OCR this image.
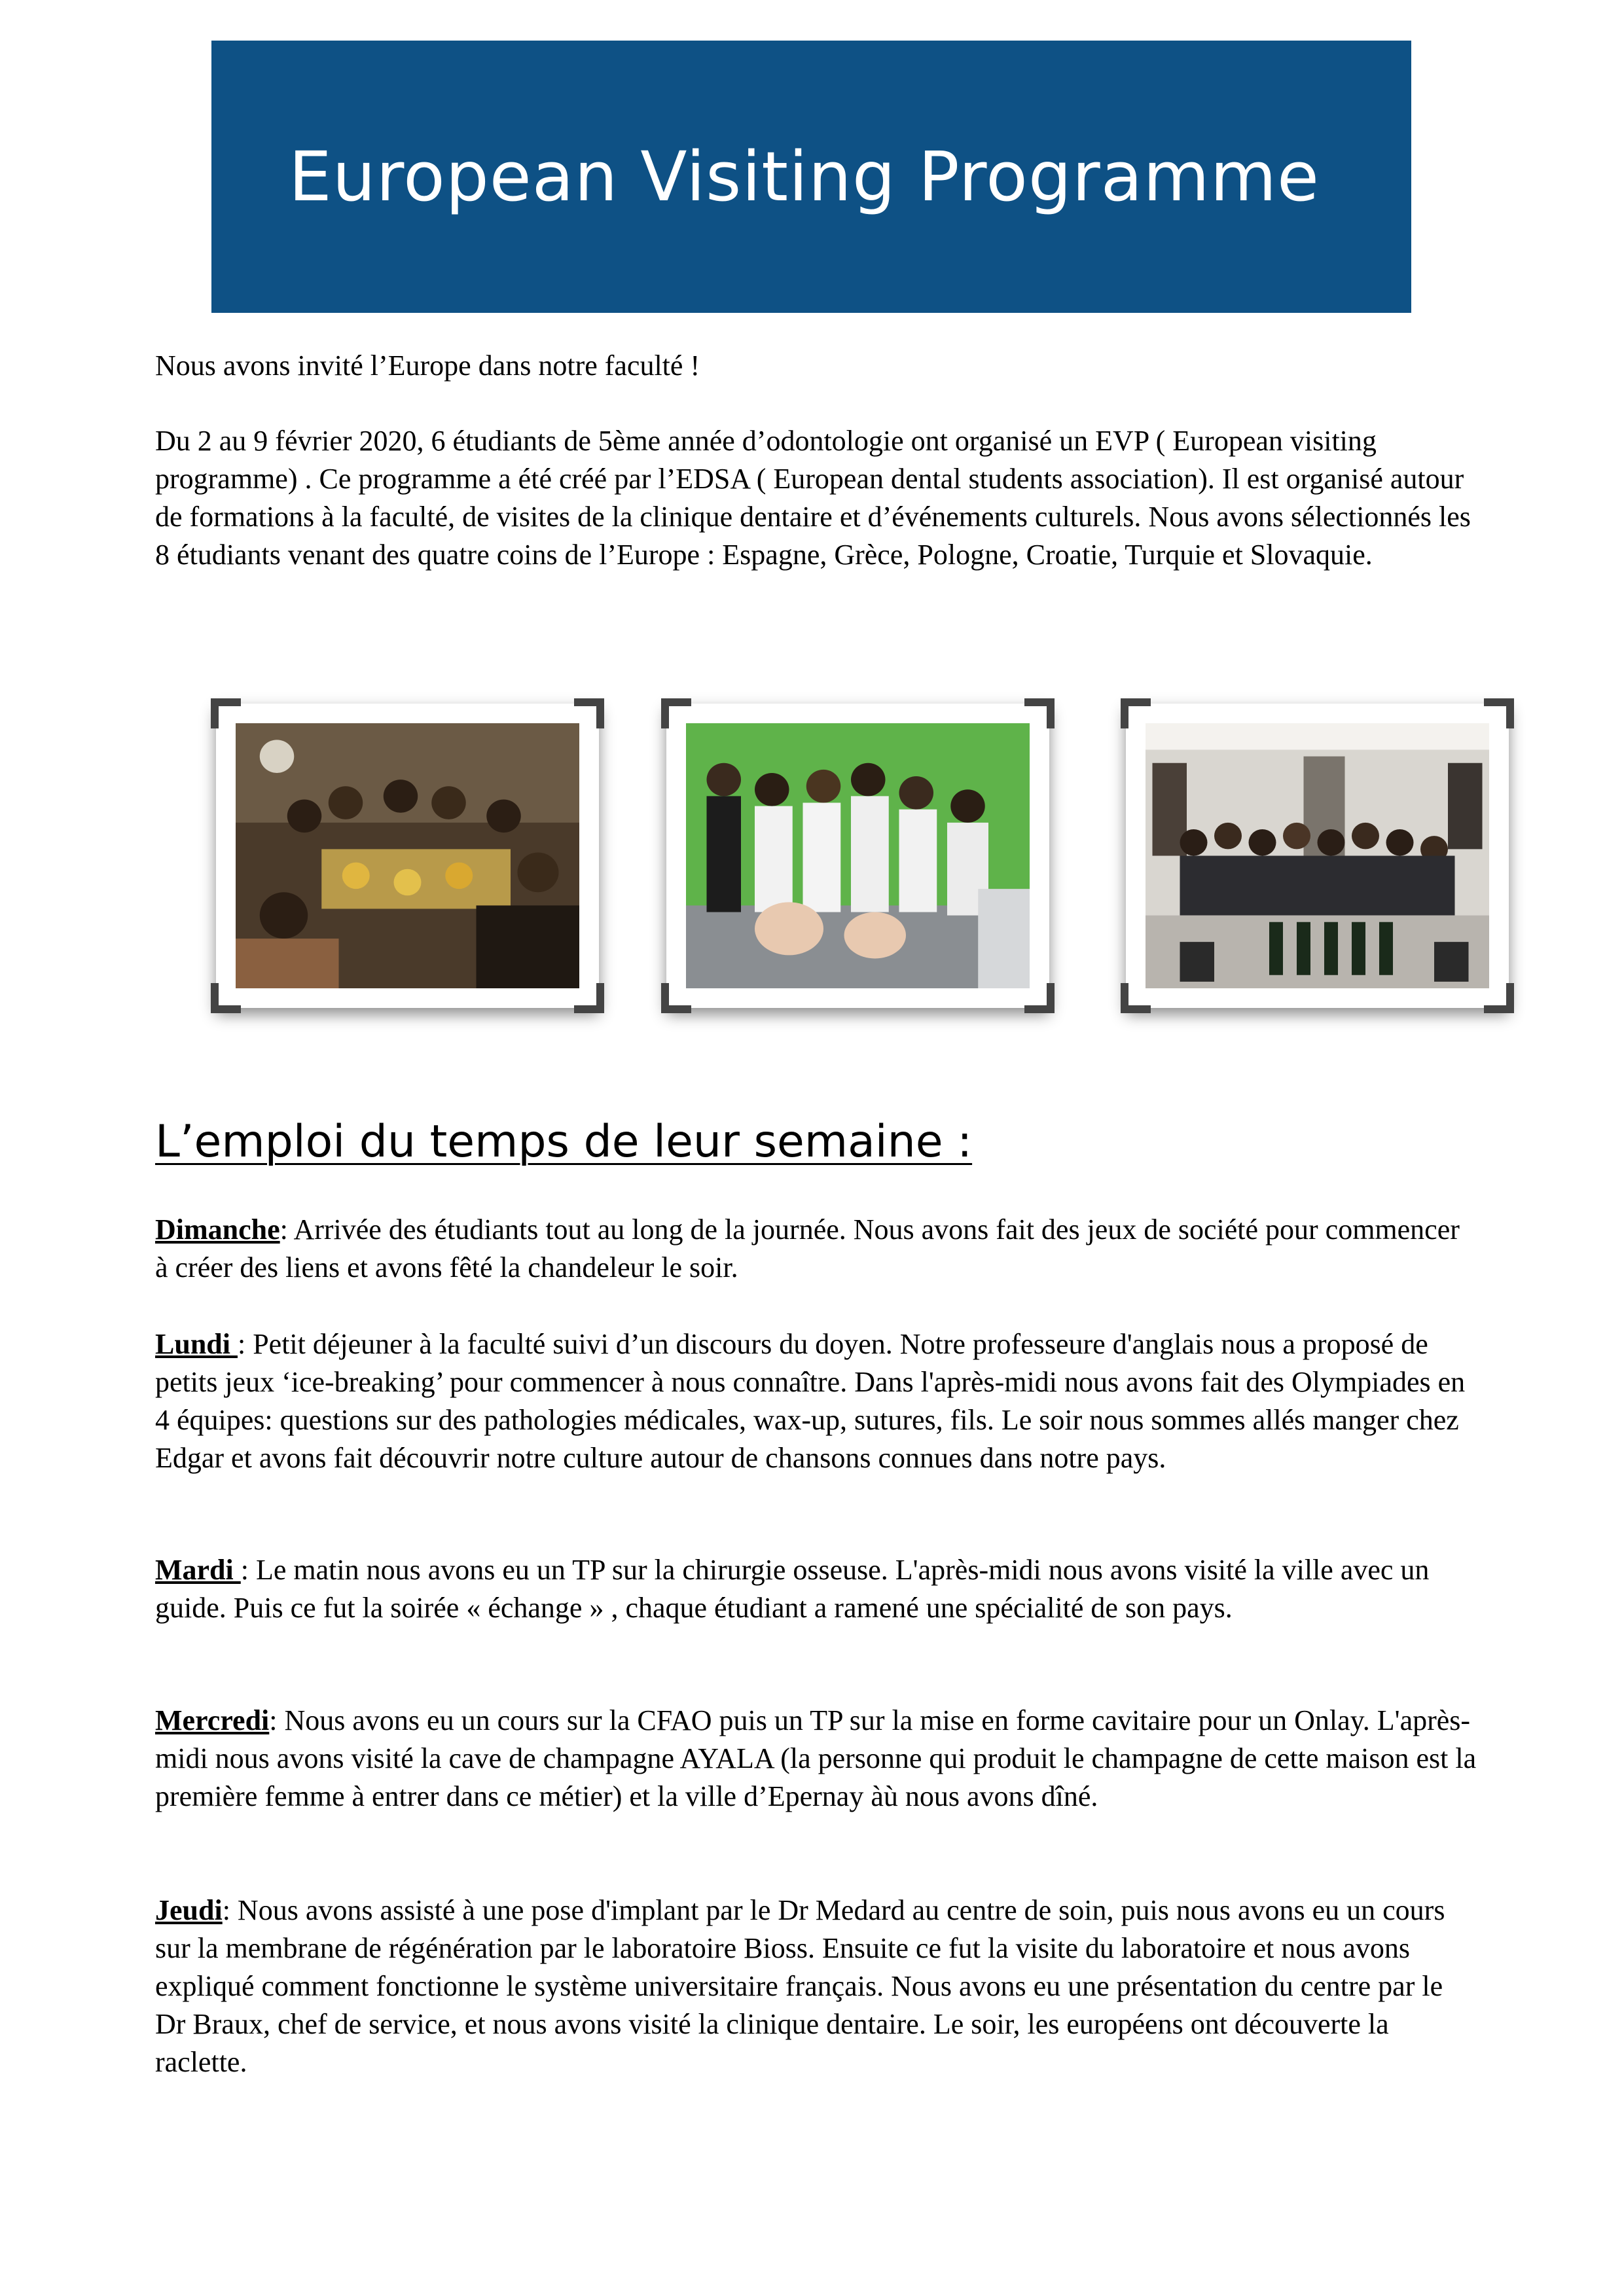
European Visiting Programme
Nous avons invité l’Europe dans notre faculté !
Du 2 au 9 février 2020, 6 étudiants de 5ème année d’odontologie ont organisé un EVP ( European visiting programme) . Ce programme a été créé par l’EDSA ( European dental students association). Il est organisé autour de formations à la faculté, de visites de la clinique dentaire et d’événements culturels. Nous avons sélectionnés les 8 étudiants venant des quatre coins de l’Europe : Espagne, Grèce, Pologne, Croatie, Turquie et Slovaquie.
L’emploi du temps de leur semaine :
Dimanche: Arrivée des étudiants tout au long de la journée. Nous avons fait des jeux de société pour commencer à créer des liens et avons fêté la chandeleur le soir.
Lundi : Petit déjeuner à la faculté suivi d’un discours du doyen. Notre professeure d'anglais nous a proposé de petits jeux ‘ice-breaking’ pour commencer à nous connaître. Dans l'après-midi nous avons fait des Olympiades en 4 équipes: questions sur des pathologies médicales, wax-up, sutures, fils. Le soir nous sommes allés manger chez Edgar et avons fait découvrir notre culture autour de chansons connues dans notre pays.
Mardi : Le matin nous avons eu un TP sur la chirurgie osseuse. L'après-midi nous avons visité la ville avec un guide. Puis ce fut la soirée « échange » , chaque étudiant a ramené une spécialité de son pays.
Mercredi: Nous avons eu un cours sur la CFAO puis un TP sur la mise en forme cavitaire pour un Onlay. L'après-midi nous avons visité la cave de champagne AYALA (la personne qui produit le champagne de cette maison est la première femme à entrer dans ce métier) et la ville d’Epernay àù nous avons dîné.
Jeudi: Nous avons assisté à une pose d'implant par le Dr Medard au centre de soin, puis nous avons eu un cours sur la membrane de régénération par le laboratoire Bioss. Ensuite ce fut la visite du laboratoire et nous avons expliqué comment fonctionne le système universitaire français. Nous avons eu une présentation du centre par le Dr Braux, chef de service, et nous avons visité la clinique dentaire. Le soir, les européens ont découverte la raclette.
